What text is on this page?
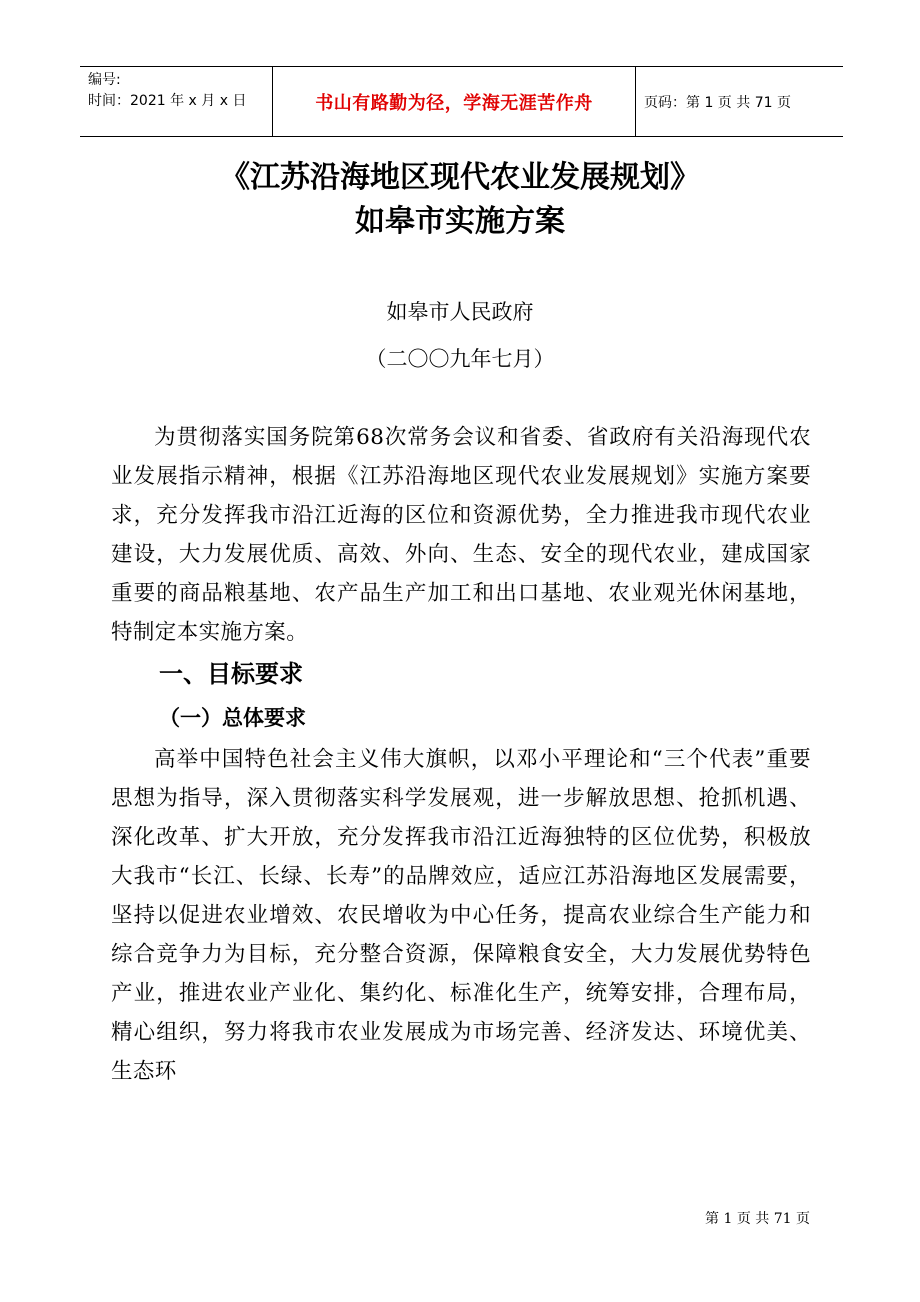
编号:
时间：2021 年 x 月 x 日	书山有路勤为径，学海无涯苦作舟	页码：第 1 页 共 71 页
《江苏沿海地区现代农业发展规划》
如皋市实施方案
如皋市人民政府
（二〇〇九年七月）

为贯彻落实国务院第68次常务会议和省委、省政府有关沿海现代农业发展指示精神，根据《江苏沿海地区现代农业发展规划》实施方案要求，充分发挥我市沿江近海的区位和资源优势，全力推进我市现代农业建设，大力发展优质、高效、外向、生态、安全的现代农业，建成国家重要的商品粮基地、农产品生产加工和出口基地、农业观光休闲基地，特制定本实施方案。

一、目标要求
（一）总体要求

高举中国特色社会主义伟大旗帜，以邓小平理论和“三个代表”重要思想为指导，深入贯彻落实科学发展观，进一步解放思想、抢抓机遇、深化改革、扩大开放，充分发挥我市沿江近海独特的区位优势，积极放大我市“长江、长绿、长寿”的品牌效应，适应江苏沿海地区发展需要，坚持以促进农业增效、农民增收为中心任务，提高农业综合生产能力和综合竞争力为目标，充分整合资源，保障粮食安全，大力发展优势特色产业，推进农业产业化、集约化、标准化生产，统筹安排，合理布局，精心组织，努力将我市农业发展成为市场完善、经济发达、环境优美、生态环

第 1 页 共 71 页
